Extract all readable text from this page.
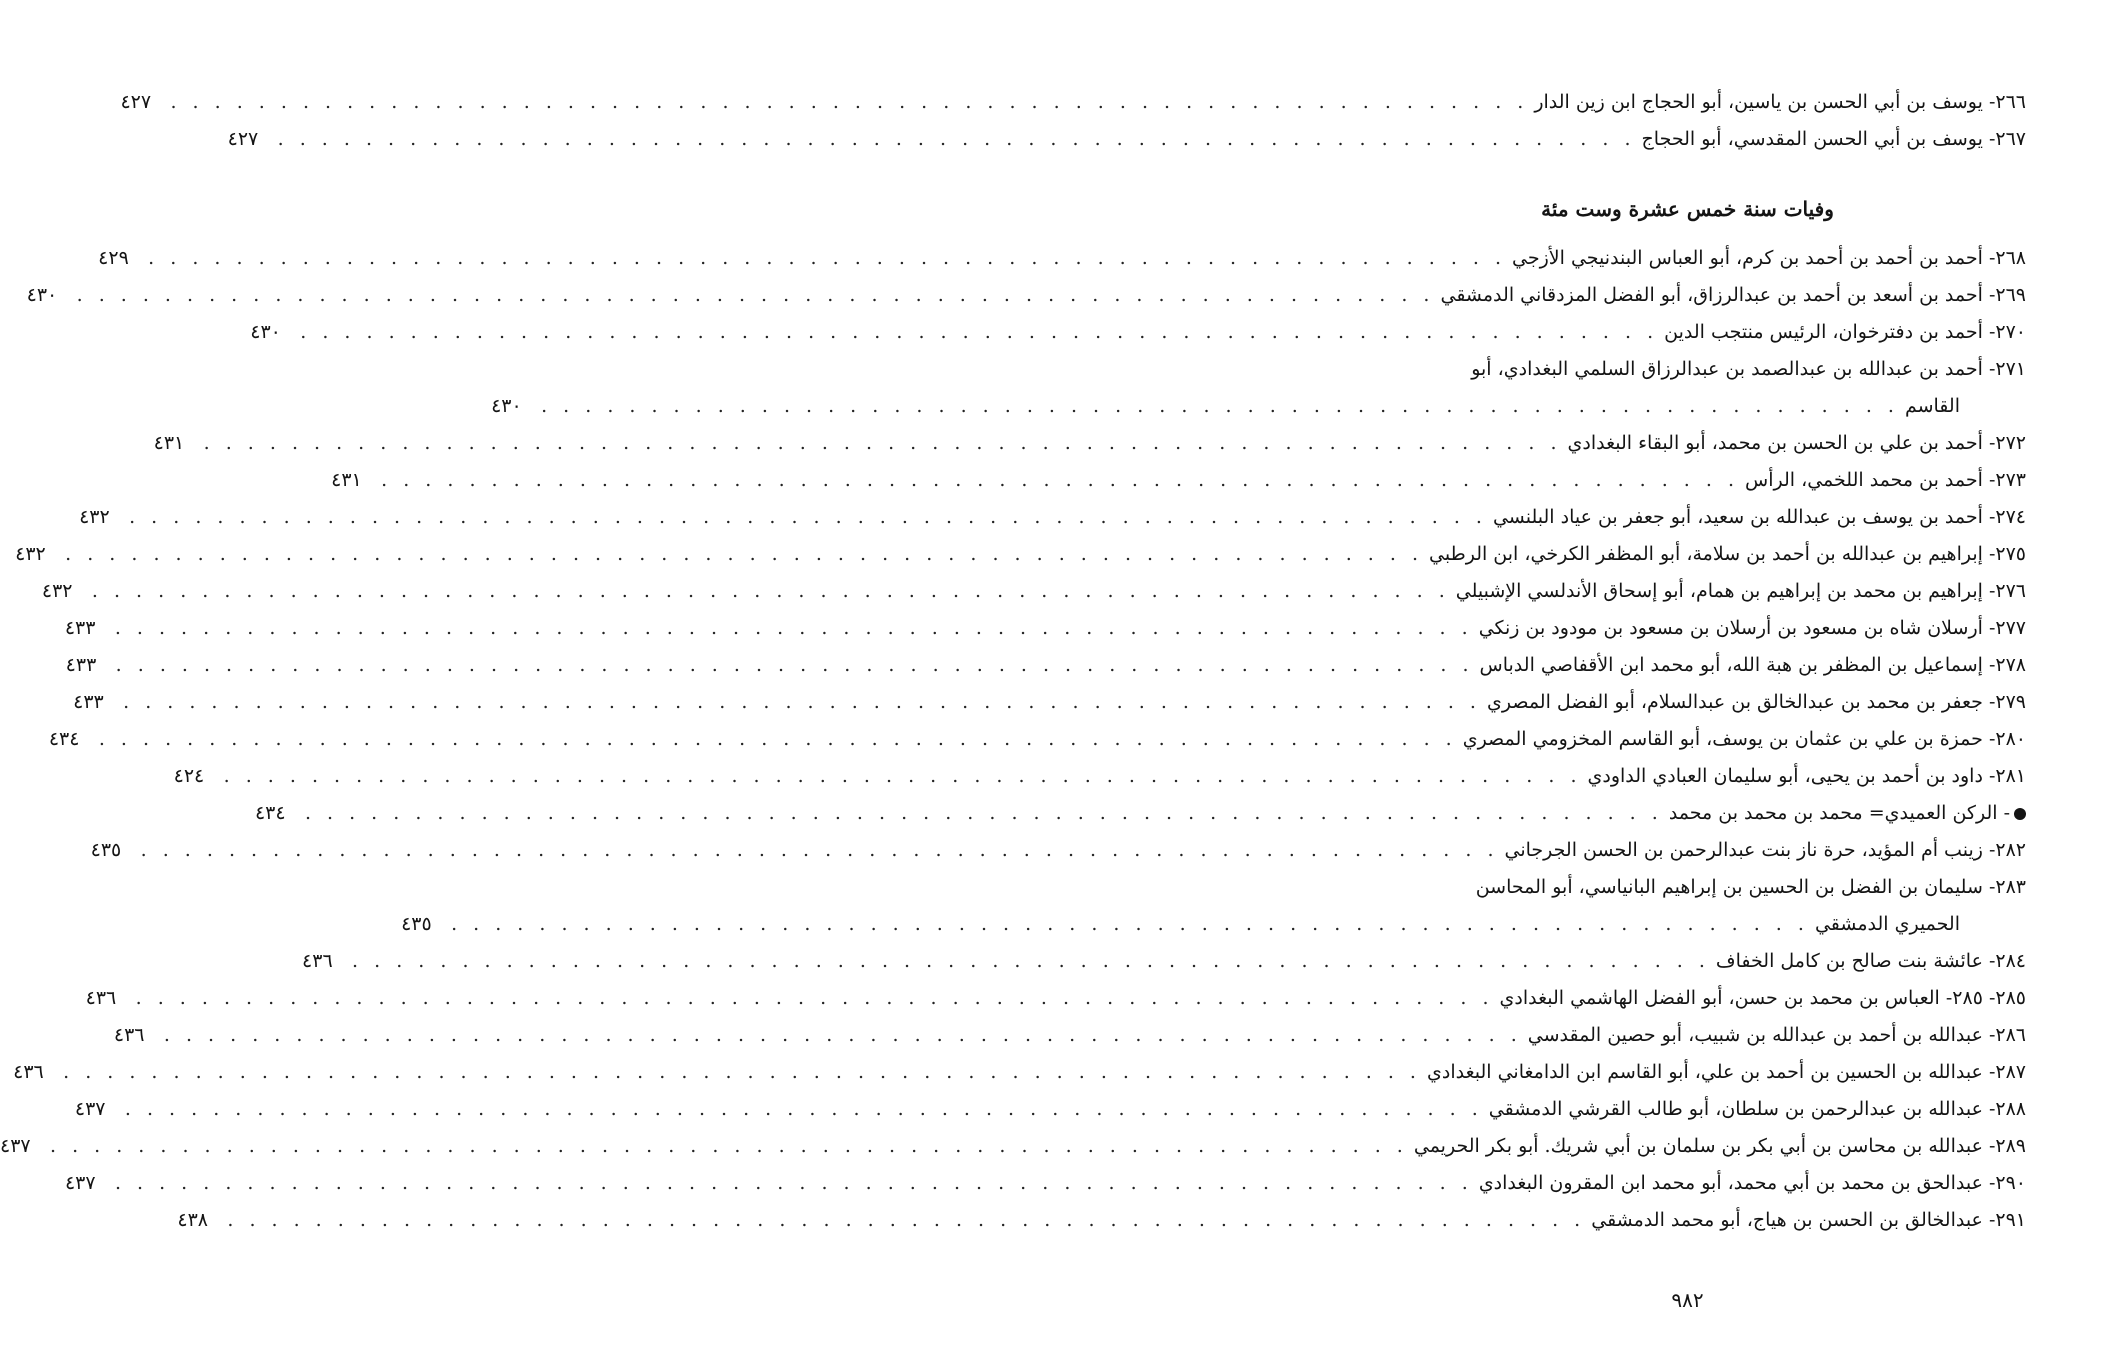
٢٦٦- يوسف بن أبي الحسن بن ياسين، أبو الحجاج ابن زين الدار
. . .
٤٢٧
٢٦٧- يوسف بن أبي الحسن المقدسي، أبو الحجاج
. . .
٤٢٧
وفيات سنة خمس عشرة وست مئة
٢٦٨- أحمد بن أحمد بن أحمد بن كرم، أبو العباس البندنيجي الأزجي
. . .
٤٢٩
٢٦٩- أحمد بن أسعد بن أحمد بن عبدالرزاق، أبو الفضل المزدقاني الدمشقي
. . .
٤٣٠
٢٧٠- أحمد بن دفترخوان، الرئيس منتجب الدين
. . .
٤٣٠
٢٧١- أحمد بن عبدالله بن عبدالصمد بن عبدالرزاق السلمي البغدادي، أبو
القاسم
. . .
٤٣٠
٢٧٢- أحمد بن علي بن الحسن بن محمد، أبو البقاء البغدادي
. . .
٤٣١
٢٧٣- أحمد بن محمد اللخمي، الرأس
. . .
٤٣١
٢٧٤- أحمد بن يوسف بن عبدالله بن سعيد، أبو جعفر بن عياد البلنسي
. . .
٤٣٢
٢٧٥- إبراهيم بن عبدالله بن أحمد بن سلامة، أبو المظفر الكرخي، ابن الرطبي
. . .
٤٣٢
٢٧٦- إبراهيم بن محمد بن إبراهيم بن همام، أبو إسحاق الأندلسي الإشبيلي
. . .
٤٣٢
٢٧٧- أرسلان شاه بن مسعود بن أرسلان بن مسعود بن مودود بن زنكي
. . .
٤٣٣
٢٧٨- إسماعيل بن المظفر بن هبة الله، أبو محمد ابن الأقفاصي الدباس
. . .
٤٣٣
٢٧٩- جعفر بن محمد بن عبدالخالق بن عبدالسلام، أبو الفضل المصري
. . .
٤٣٣
٢٨٠- حمزة بن علي بن عثمان بن يوسف، أبو القاسم المخزومي المصري
. . .
٤٣٤
٢٨١- داود بن أحمد بن يحيى، أبو سليمان العبادي الداودي
. . .
٤٢٤
- الركن العميدي= محمد بن محمد بن محمد
. . .
٤٣٤
٢٨٢- زينب أم المؤيد، حرة ناز بنت عبدالرحمن بن الحسن الجرجاني
. . .
٤٣٥
٢٨٣- سليمان بن الفضل بن الحسين بن إبراهيم البانياسي، أبو المحاسن
الحميري الدمشقي
. . .
٤٣٥
٢٨٤- عائشة بنت صالح بن كامل الخفاف
. . .
٤٣٦
٢٨٥- ٢٨٥- العباس بن محمد بن حسن، أبو الفضل الهاشمي البغدادي
. . .
٤٣٦
٢٨٦- عبدالله بن أحمد بن عبدالله بن شبيب، أبو حصين المقدسي
. . .
٤٣٦
٢٨٧- عبدالله بن الحسين بن أحمد بن علي، أبو القاسم ابن الدامغاني البغدادي
. . .
٤٣٦
٢٨٨- عبدالله بن عبدالرحمن بن سلطان، أبو طالب القرشي الدمشقي
. . .
٤٣٧
٢٨٩- عبدالله بن محاسن بن أبي بكر بن سلمان بن أبي شريك. أبو بكر الحريمي
. . .
٤٣٧
٢٩٠- عبدالحق بن محمد بن أبي محمد، أبو محمد ابن المقرون البغدادي
. . .
٤٣٧
٢٩١- عبدالخالق بن الحسن بن هياج، أبو محمد الدمشقي
. . .
٤٣٨
٩٨٢
